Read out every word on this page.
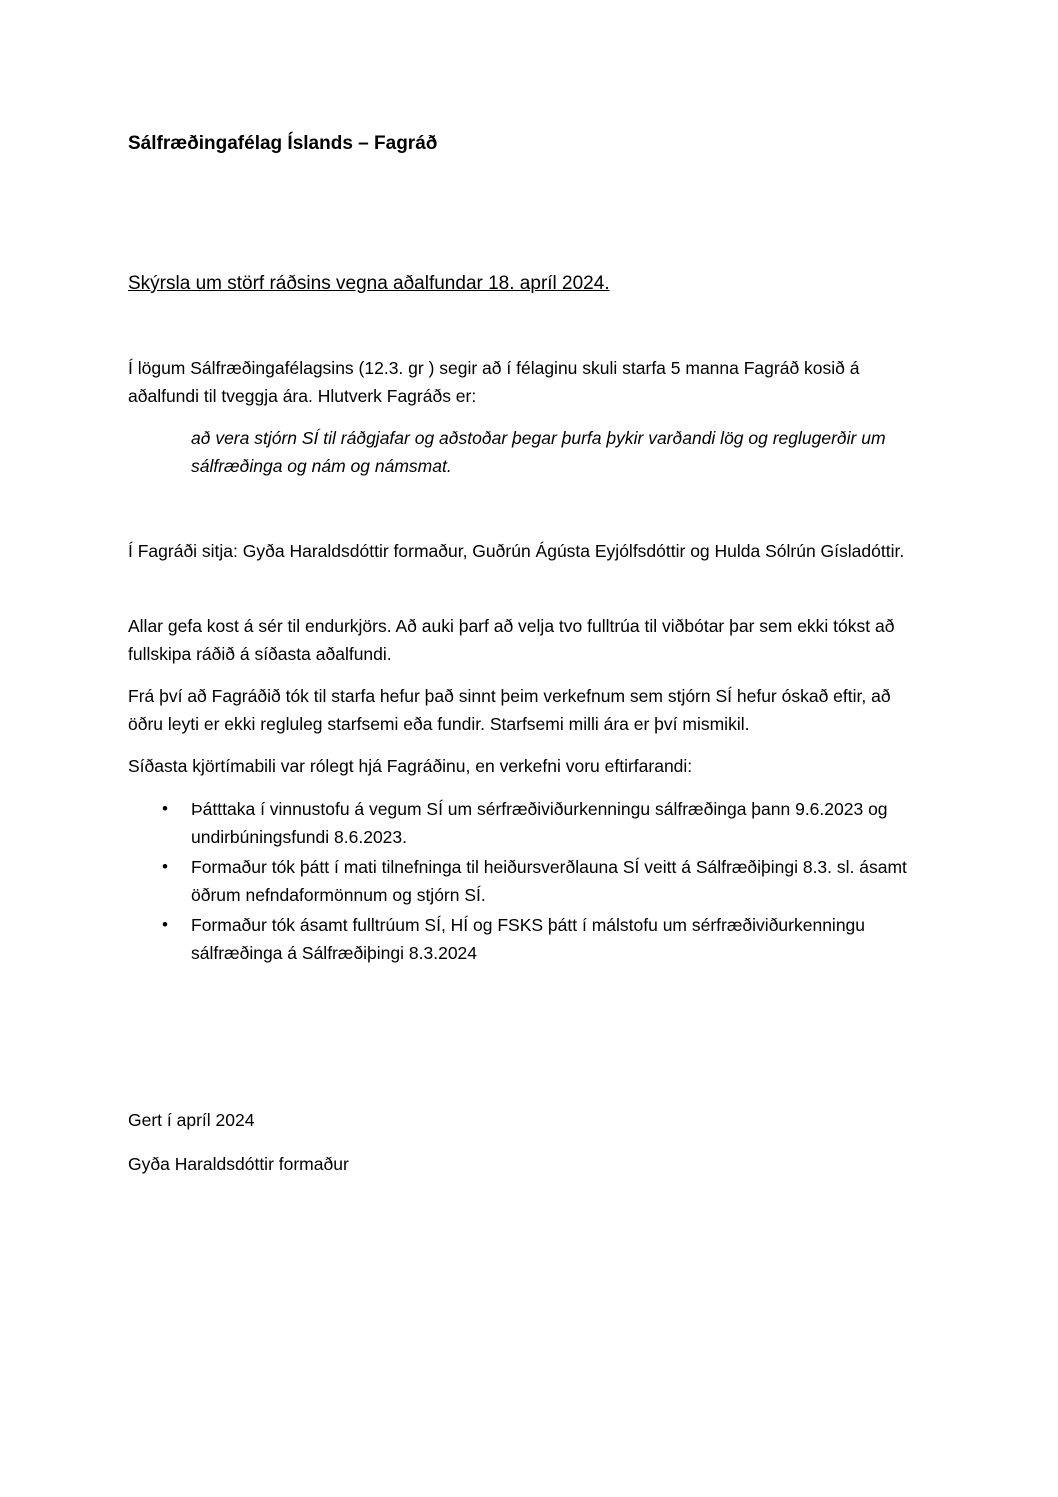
Sálfræðingafélag Íslands – Fagráð

Skýrsla um störf ráðsins vegna aðalfundar 18. apríl 2024.

Í lögum Sálfræðingafélagsins (12.3. gr ) segir að í félaginu skuli starfa 5 manna Fagráð kosið á aðalfundi til tveggja ára. Hlutverk Fagráðs er:

að vera stjórn SÍ til ráðgjafar og aðstoðar þegar þurfa þykir varðandi lög og reglugerðir um sálfræðinga og nám og námsmat.

Í Fagráði sitja: Gyða Haraldsdóttir formaður, Guðrún Ágústa Eyjólfsdóttir og Hulda Sólrún Gísladóttir.

Allar gefa kost á sér til endurkjörs. Að auki þarf að velja tvo fulltrúa til viðbótar þar sem ekki tókst að fullskipa ráðið á síðasta aðalfundi.

Frá því að Fagráðið tók til starfa hefur það sinnt þeim verkefnum sem stjórn SÍ hefur óskað eftir, að öðru leyti er ekki regluleg starfsemi eða fundir. Starfsemi milli ára er því mismikil.

Síðasta kjörtímabili var rólegt hjá Fagráðinu, en verkefni voru eftirfarandi:

• Þátttaka í vinnustofu á vegum SÍ um sérfræðiviðurkenningu sálfræðinga þann 9.6.2023 og undirbúningsfundi 8.6.2023.
• Formaður tók þátt í mati tilnefninga til heiðursverðlauna SÍ veitt á Sálfræðiþingi 8.3. sl. ásamt öðrum nefndaformönnum og stjórn SÍ.
• Formaður tók ásamt fulltrúum SÍ, HÍ og FSKS þátt í málstofu um sérfræðiviðurkenningu sálfræðinga á Sálfræðiþingi 8.3.2024

Gert í apríl 2024

Gyða Haraldsdóttir formaður
